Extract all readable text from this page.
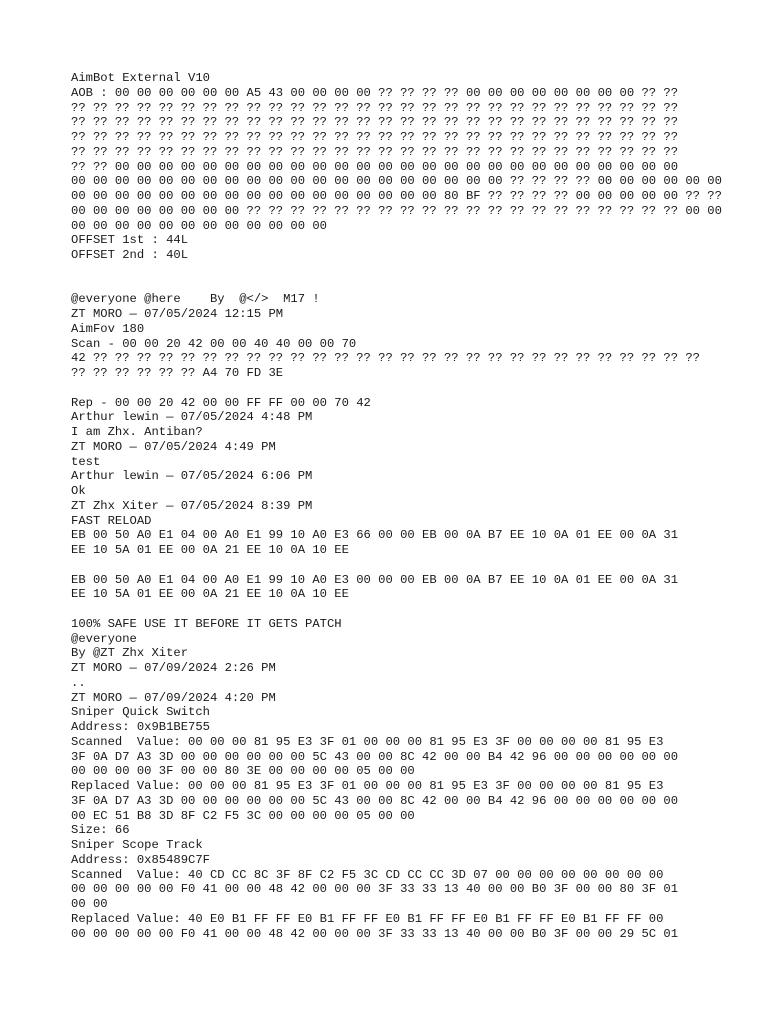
AimBot External V10
AOB : 00 00 00 00 00 00 A5 43 00 00 00 00 ?? ?? ?? ?? 00 00 00 00 00 00 00 00 ?? ??
?? ?? ?? ?? ?? ?? ?? ?? ?? ?? ?? ?? ?? ?? ?? ?? ?? ?? ?? ?? ?? ?? ?? ?? ?? ?? ?? ??
?? ?? ?? ?? ?? ?? ?? ?? ?? ?? ?? ?? ?? ?? ?? ?? ?? ?? ?? ?? ?? ?? ?? ?? ?? ?? ?? ??
?? ?? ?? ?? ?? ?? ?? ?? ?? ?? ?? ?? ?? ?? ?? ?? ?? ?? ?? ?? ?? ?? ?? ?? ?? ?? ?? ??
?? ?? ?? ?? ?? ?? ?? ?? ?? ?? ?? ?? ?? ?? ?? ?? ?? ?? ?? ?? ?? ?? ?? ?? ?? ?? ?? ??
?? ?? 00 00 00 00 00 00 00 00 00 00 00 00 00 00 00 00 00 00 00 00 00 00 00 00 00 00
00 00 00 00 00 00 00 00 00 00 00 00 00 00 00 00 00 00 00 00 ?? ?? ?? ?? 00 00 00 00 00 00
00 00 00 00 00 00 00 00 00 00 00 00 00 00 00 00 00 80 BF ?? ?? ?? ?? 00 00 00 00 00 ?? ??
00 00 00 00 00 00 00 00 ?? ?? ?? ?? ?? ?? ?? ?? ?? ?? ?? ?? ?? ?? ?? ?? ?? ?? ?? ?? 00 00
00 00 00 00 00 00 00 00 00 00 00 00
OFFSET 1st : 44L
OFFSET 2nd : 40L
@everyone @here    By  @</>  M17 !
ZT MORO — 07/05/2024 12:15 PM
AimFov 180
Scan - 00 00 20 42 00 00 40 40 00 00 70
42 ?? ?? ?? ?? ?? ?? ?? ?? ?? ?? ?? ?? ?? ?? ?? ?? ?? ?? ?? ?? ?? ?? ?? ?? ?? ?? ?? ??
?? ?? ?? ?? ?? ?? A4 70 FD 3E
Rep - 00 00 20 42 00 00 FF FF 00 00 70 42
Arthur lewin — 07/05/2024 4:48 PM
I am Zhx. Antiban?
ZT MORO — 07/05/2024 4:49 PM
test
Arthur lewin — 07/05/2024 6:06 PM
Ok
ZT Zhx Xiter — 07/05/2024 8:39 PM
FAST RELOAD
EB 00 50 A0 E1 04 00 A0 E1 99 10 A0 E3 66 00 00 EB 00 0A B7 EE 10 0A 01 EE 00 0A 31
EE 10 5A 01 EE 00 0A 21 EE 10 0A 10 EE
EB 00 50 A0 E1 04 00 A0 E1 99 10 A0 E3 00 00 00 EB 00 0A B7 EE 10 0A 01 EE 00 0A 31
EE 10 5A 01 EE 00 0A 21 EE 10 0A 10 EE
100% SAFE USE IT BEFORE IT GETS PATCH
@everyone
By @ZT Zhx Xiter
ZT MORO — 07/09/2024 2:26 PM
..
ZT MORO — 07/09/2024 4:20 PM
Sniper Quick Switch
Address: 0x9B1BE755
Scanned  Value: 00 00 00 81 95 E3 3F 01 00 00 00 81 95 E3 3F 00 00 00 00 81 95 E3
3F 0A D7 A3 3D 00 00 00 00 00 00 5C 43 00 00 8C 42 00 00 B4 42 96 00 00 00 00 00 00
00 00 00 00 3F 00 00 80 3E 00 00 00 00 05 00 00
Replaced Value: 00 00 00 81 95 E3 3F 01 00 00 00 81 95 E3 3F 00 00 00 00 81 95 E3
3F 0A D7 A3 3D 00 00 00 00 00 00 5C 43 00 00 8C 42 00 00 B4 42 96 00 00 00 00 00 00
00 EC 51 B8 3D 8F C2 F5 3C 00 00 00 00 05 00 00
Size: 66
Sniper Scope Track
Address: 0x85489C7F
Scanned  Value: 40 CD CC 8C 3F 8F C2 F5 3C CD CC CC 3D 07 00 00 00 00 00 00 00 00
00 00 00 00 00 F0 41 00 00 48 42 00 00 00 3F 33 33 13 40 00 00 B0 3F 00 00 80 3F 01
00 00
Replaced Value: 40 E0 B1 FF FF E0 B1 FF FF E0 B1 FF FF E0 B1 FF FF E0 B1 FF FF 00
00 00 00 00 00 F0 41 00 00 48 42 00 00 00 3F 33 33 13 40 00 00 B0 3F 00 00 29 5C 01
